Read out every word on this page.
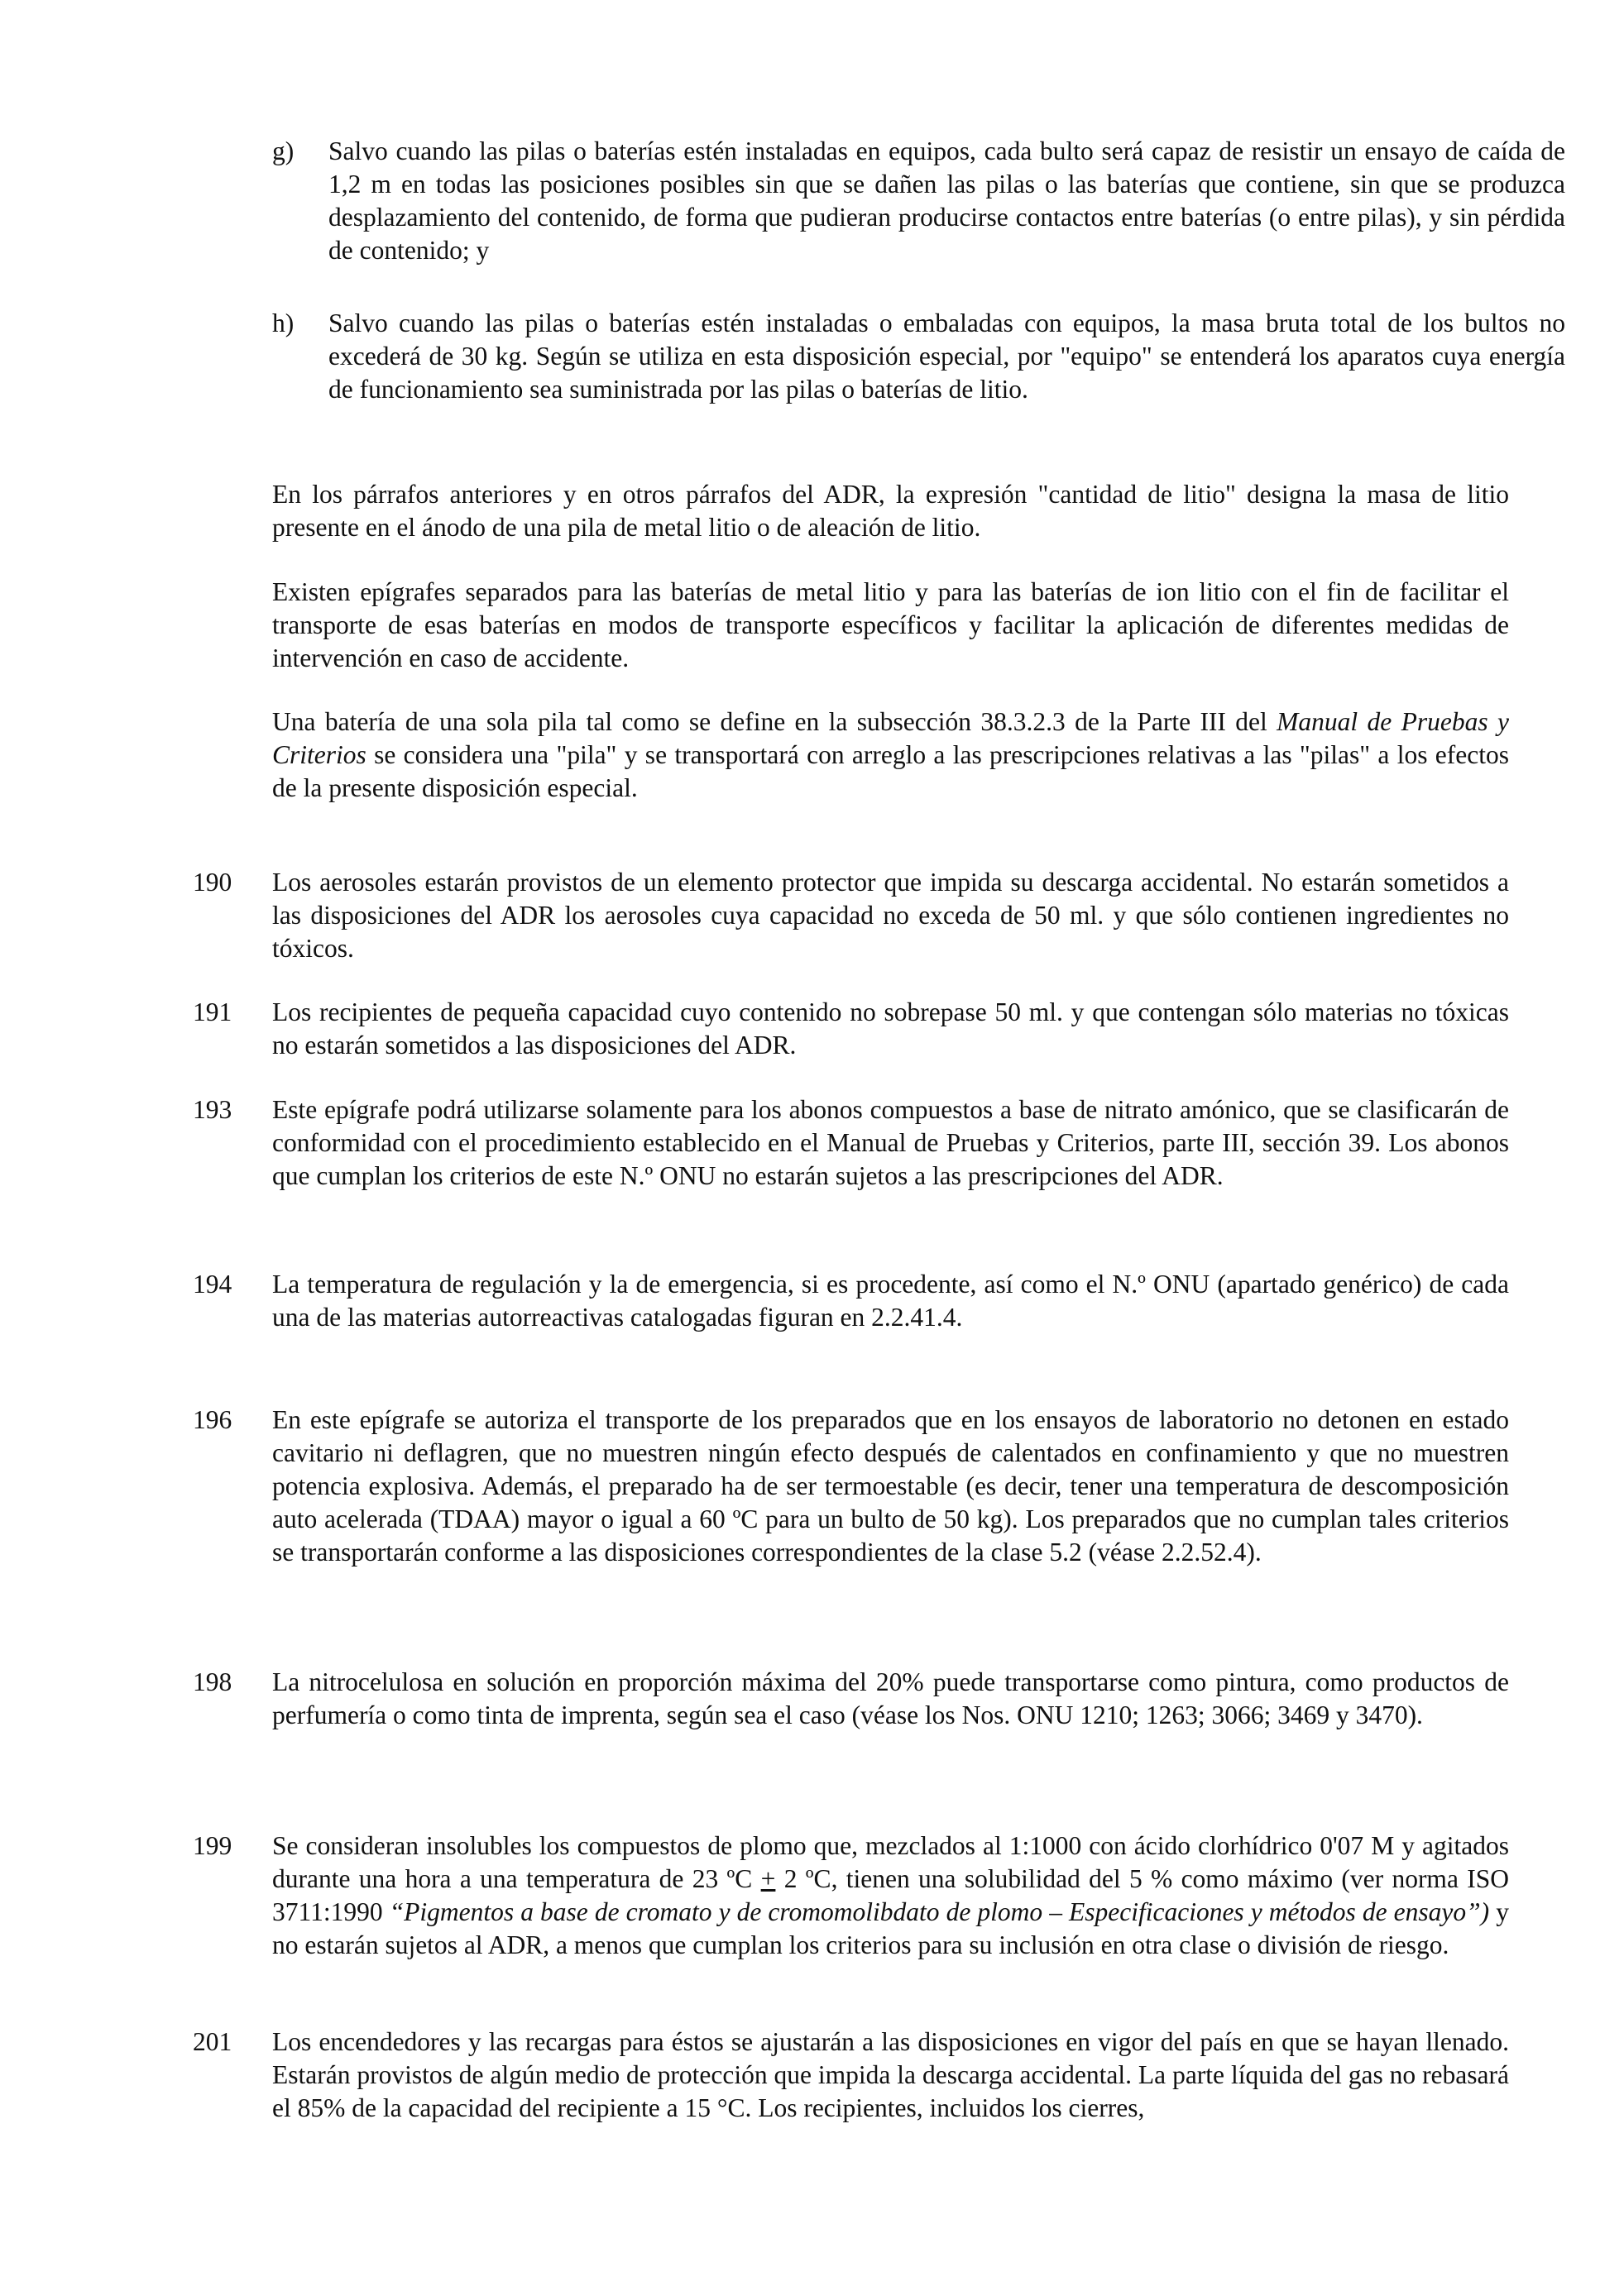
g) Salvo cuando las pilas o baterías estén instaladas en equipos, cada bulto será capaz de resistir un ensayo de caída de 1,2 m en todas las posiciones posibles sin que se dañen las pilas o las baterías que contiene, sin que se produzca desplazamiento del contenido, de forma que pudieran producirse contactos entre baterías (o entre pilas), y sin pérdida de contenido; y
h) Salvo cuando las pilas o baterías estén instaladas o embaladas con equipos, la masa bruta total de los bultos no excederá de 30 kg. Según se utiliza en esta disposición especial, por "equipo" se entenderá los aparatos cuya energía de funcionamiento sea suministrada por las pilas o baterías de litio.
En los párrafos anteriores y en otros párrafos del ADR, la expresión "cantidad de litio" designa la masa de litio presente en el ánodo de una pila de metal litio o de aleación de litio.
Existen epígrafes separados para las baterías de metal litio y para las baterías de ion litio con el fin de facilitar el transporte de esas baterías en modos de transporte específicos y facilitar la aplicación de diferentes medidas de intervención en caso de accidente.
Una batería de una sola pila tal como se define en la subsección 38.3.2.3 de la Parte III del Manual de Pruebas y Criterios se considera una "pila" y se transportará con arreglo a las prescripciones relativas a las "pilas" a los efectos de la presente disposición especial.
190 Los aerosoles estarán provistos de un elemento protector que impida su descarga accidental. No estarán sometidos a las disposiciones del ADR los aerosoles cuya capacidad no exceda de 50 ml. y que sólo contienen ingredientes no tóxicos.
191 Los recipientes de pequeña capacidad cuyo contenido no sobrepase 50 ml. y que contengan sólo materias no tóxicas no estarán sometidos a las disposiciones del ADR.
193 Este epígrafe podrá utilizarse solamente para los abonos compuestos a base de nitrato amónico, que se clasificarán de conformidad con el procedimiento establecido en el Manual de Pruebas y Criterios, parte III, sección 39. Los abonos que cumplan los criterios de este N.º ONU no estarán sujetos a las prescripciones del ADR.
194 La temperatura de regulación y la de emergencia, si es procedente, así como el N.º ONU (apartado genérico) de cada una de las materias autorreactivas catalogadas figuran en 2.2.41.4.
196 En este epígrafe se autoriza el transporte de los preparados que en los ensayos de laboratorio no detonen en estado cavitario ni deflagren, que no muestren ningún efecto después de calentados en confinamiento y que no muestren potencia explosiva. Además, el preparado ha de ser termoestable (es decir, tener una temperatura de descomposición auto acelerada (TDAA) mayor o igual a 60 ºC para un bulto de 50 kg). Los preparados que no cumplan tales criterios se transportarán conforme a las disposiciones correspondientes de la clase 5.2 (véase 2.2.52.4).
198 La nitrocelulosa en solución en proporción máxima del 20% puede transportarse como pintura, como productos de perfumería o como tinta de imprenta, según sea el caso (véase los Nos. ONU 1210; 1263; 3066; 3469 y 3470).
199 Se consideran insolubles los compuestos de plomo que, mezclados al 1:1000 con ácido clorhídrico 0'07 M y agitados durante una hora a una temperatura de 23 ºC + 2 ºC, tienen una solubilidad del 5 % como máximo (ver norma ISO 3711:1990 “Pigmentos a base de cromato y de cromomolibdato de plomo – Especificaciones y métodos de ensayo”) y no estarán sujetos al ADR, a menos que cumplan los criterios para su inclusión en otra clase o división de riesgo.
201 Los encendedores y las recargas para éstos se ajustarán a las disposiciones en vigor del país en que se hayan llenado. Estarán provistos de algún medio de protección que impida la descarga accidental. La parte líquida del gas no rebasará el 85% de la capacidad del recipiente a 15 °C. Los recipientes, incluidos los cierres,
